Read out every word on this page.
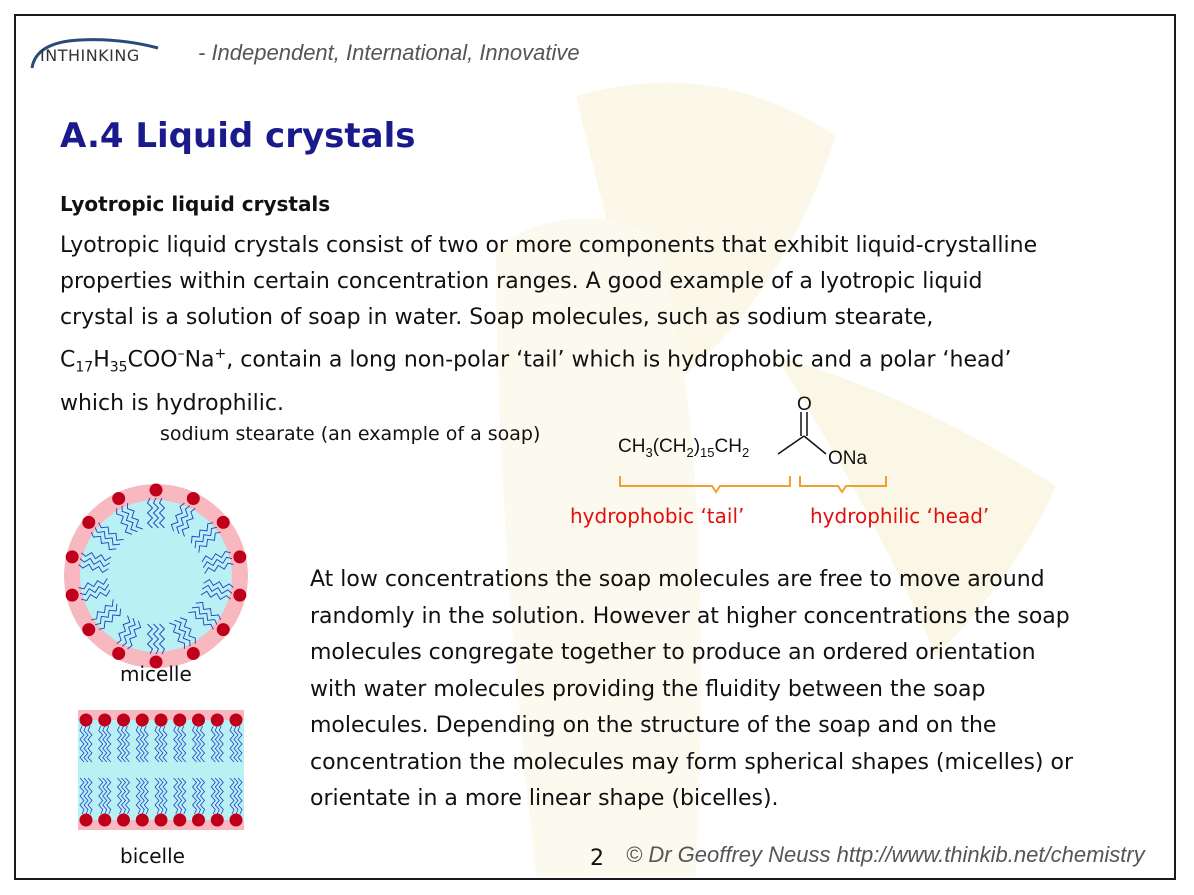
INTHINKING	- Independent, International, Innovative
A.4 Liquid crystals
Lyotropic liquid crystals
Lyotropic liquid crystals consist of two or more components that exhibit liquid-crystalline
properties within certain concentration ranges. A good example of a lyotropic liquid
crystal is a solution of soap in water. Soap molecules, such as sodium stearate,
$C_{17}H_{35}COO^-Na^+$, contain a long non-polar ‘tail’ which is hydrophobic and a polar ‘head’
which is hydrophilic.
sodium stearate (an example of a soap)
$CH_3(CH_2)_{15}CH_2$
O
ONa
hydrophobic ‘tail’	hydrophilic ‘head’
micelle
bicelle
At low concentrations the soap molecules are free to move around
randomly in the solution. However at higher concentrations the soap
molecules congregate together to produce an ordered orientation
with water molecules providing the fluidity between the soap
molecules. Depending on the structure of the soap and on the
concentration the molecules may form spherical shapes (micelles) or
orientate in a more linear shape (bicelles).
2 © Dr Geoffrey Neuss http://www.thinkib.net/chemistry
